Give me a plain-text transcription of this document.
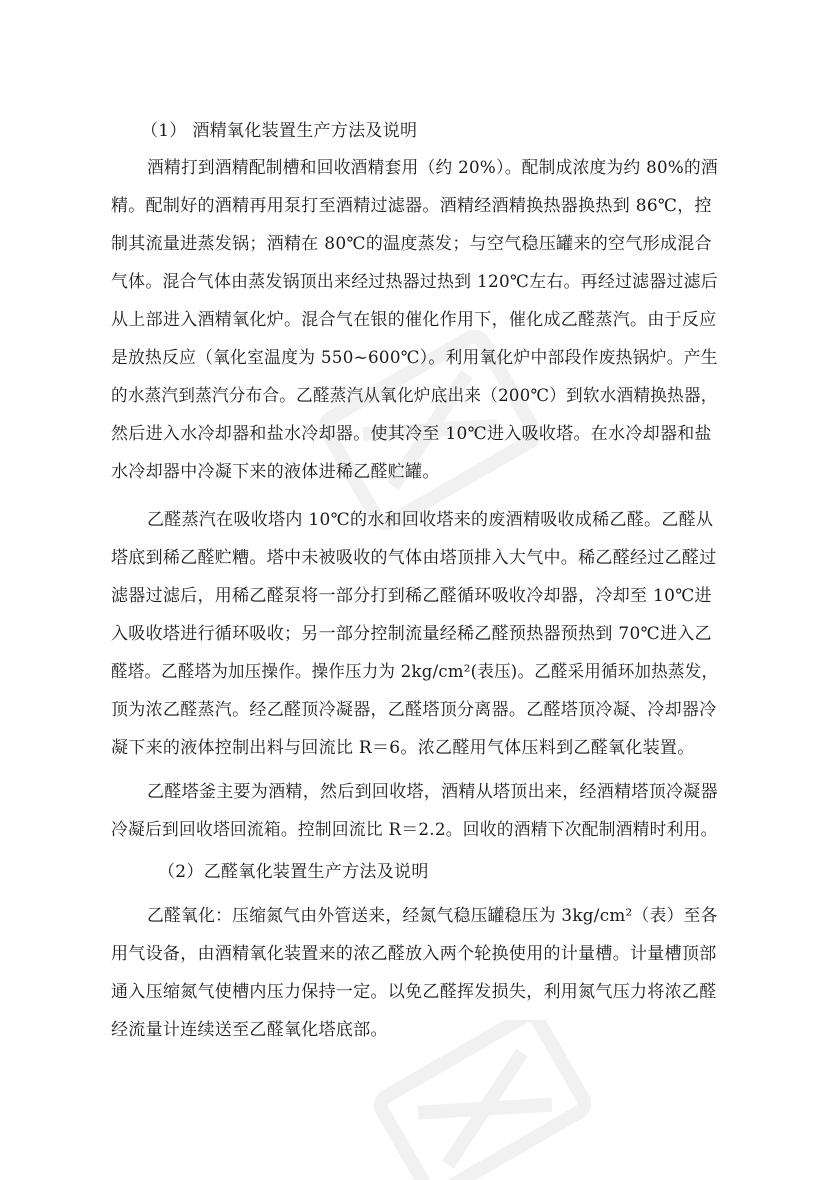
（1） 酒精氧化装置生产方法及说明

酒精打到酒精配制槽和回收酒精套用（约 20%）。配制成浓度为约 80%的酒

精。配制好的酒精再用泵打至酒精过滤器。酒精经酒精换热器换热到 86℃，控

制其流量进蒸发锅；酒精在 80℃的温度蒸发；与空气稳压罐来的空气形成混合

气体。混合气体由蒸发锅顶出来经过热器过热到 120℃左右。再经过滤器过滤后

从上部进入酒精氧化炉。混合气在银的催化作用下，催化成乙醛蒸汽。由于反应

是放热反应（氧化室温度为 550~600℃）。利用氧化炉中部段作废热锅炉。产生

的水蒸汽到蒸汽分布合。乙醛蒸汽从氧化炉底出来（200℃）到软水酒精换热器，

然后进入水冷却器和盐水冷却器。使其冷至 10℃进入吸收塔。在水冷却器和盐

水冷却器中冷凝下来的液体进稀乙醛贮罐。

乙醛蒸汽在吸收塔内 10℃的水和回收塔来的废酒精吸收成稀乙醛。乙醛从

塔底到稀乙醛贮糟。塔中未被吸收的气体由塔顶排入大气中。稀乙醛经过乙醛过

滤器过滤后，用稀乙醛泵将一部分打到稀乙醛循环吸收冷却器，冷却至 10℃进

入吸收塔进行循环吸收；另一部分控制流量经稀乙醛预热器预热到 70℃进入乙

醛塔。乙醛塔为加压操作。操作压力为 2kg/cm²(表压)。乙醛采用循环加热蒸发，

顶为浓乙醛蒸汽。经乙醛顶冷凝器，乙醛塔顶分离器。乙醛塔顶冷凝、冷却器冷

凝下来的液体控制出料与回流比 R＝6。浓乙醛用气体压料到乙醛氧化装置。

乙醛塔釜主要为酒精，然后到回收塔，酒精从塔顶出来，经酒精塔顶冷凝器

冷凝后到回收塔回流箱。控制回流比 R＝2.2。回收的酒精下次配制酒精时利用。

（2）乙醛氧化装置生产方法及说明

乙醛氧化：压缩氮气由外管送来，经氮气稳压罐稳压为 3kg/cm²（表）至各

用气设备，由酒精氧化装置来的浓乙醛放入两个轮换使用的计量槽。计量槽顶部

通入压缩氮气使槽内压力保持一定。以免乙醛挥发损失，利用氮气压力将浓乙醛

经流量计连续送至乙醛氧化塔底部。
